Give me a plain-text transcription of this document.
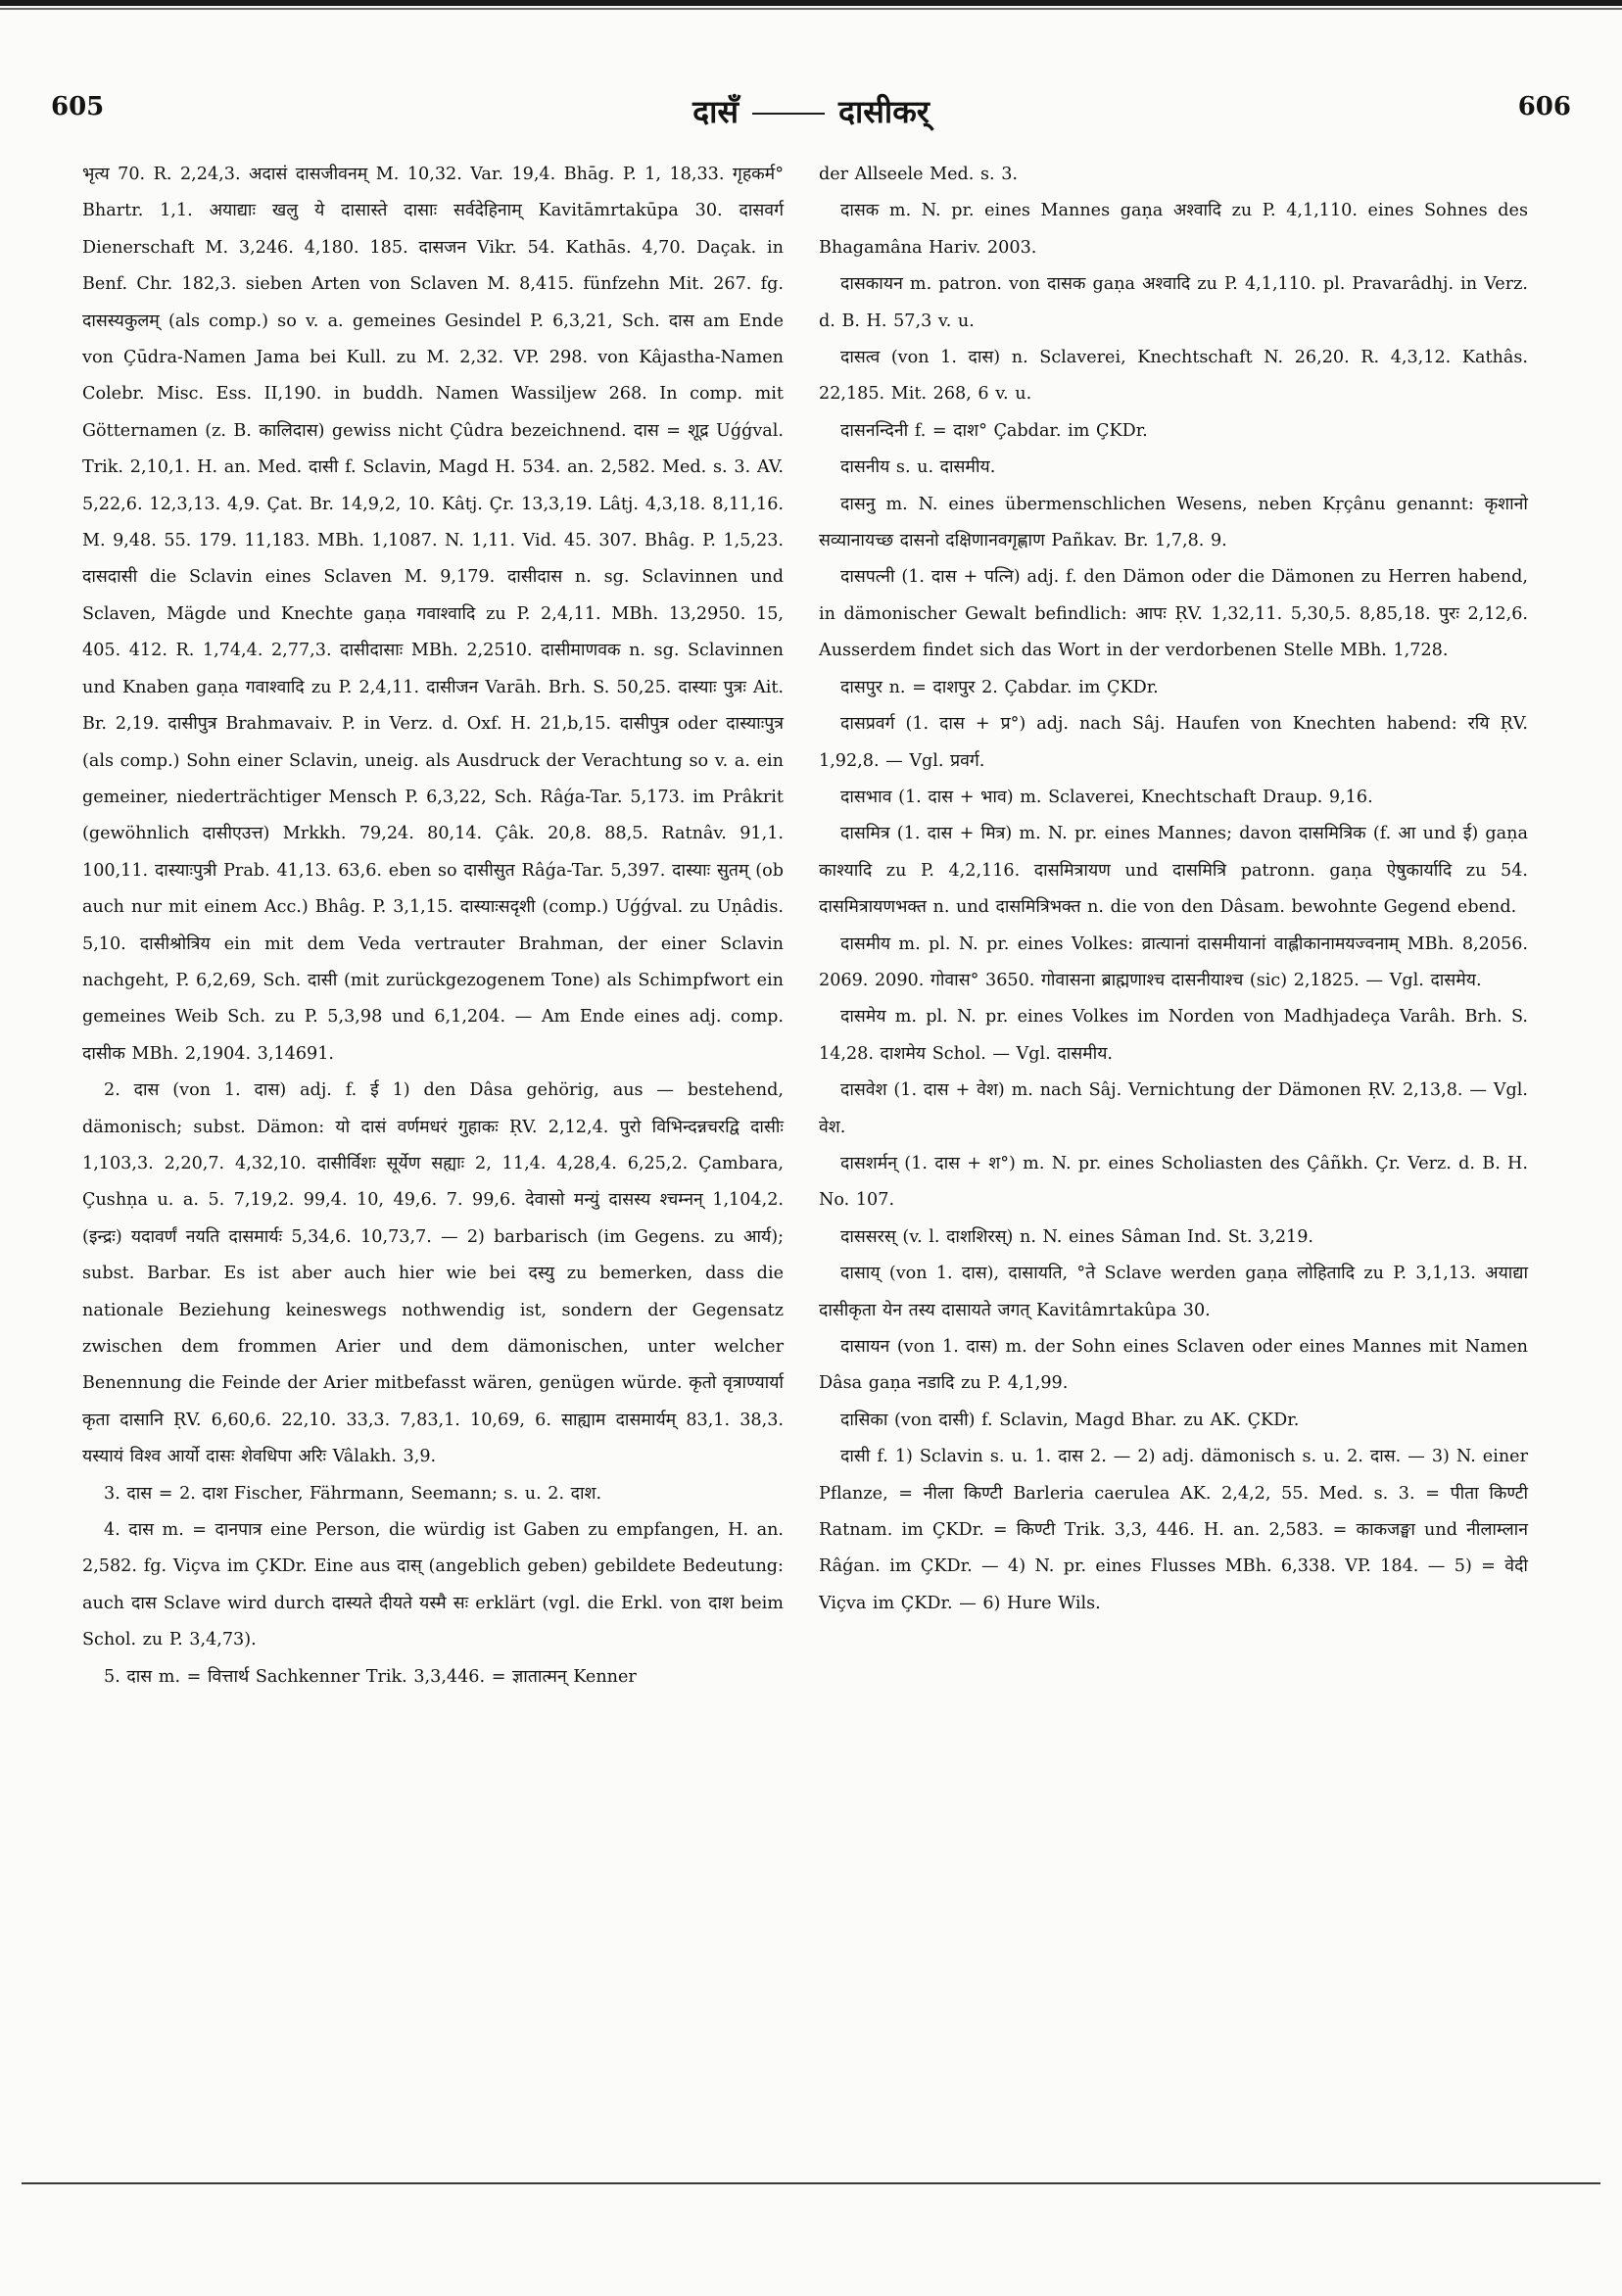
605	दासँ	दासीकर्	606

भृत्य 70. R. 2,24,3. अदासं दासजीवनम् M. 10,32. Var. 19,4. Bhāg. P. 1, 18,33. गृहकर्म° Bhartr. 1,1. अयाद्याः खलु ये दासास्ते दासाः सर्वदेहिनाम् Kavitāmrtakūpa 30. दासवर्ग Dienerschaft M. 3,246. 4,180. 185. दासजन Vikr. 54. Kathās. 4,70. Daçak. in Benf. Chr. 182,3. sieben Arten von Sclaven M. 8,415. fünfzehn Mit. 267. fg. दासस्यकुलम् (als comp.) so v. a. gemeines Gesindel P. 6,3,21, Sch. दास am Ende von Çūdra-Namen Jama bei Kull. zu M. 2,32. VP. 298. von Kâjastha-Namen Colebr. Misc. Ess. II,190. in buddh. Namen Wassiljew 268. In comp. mit Götternamen (z. B. कालिदास) gewiss nicht Çûdra bezeichnend. दास = शूद्र Uǵǵval. Trik. 2,10,1. H. an. Med. दासी f. Sclavin, Magd H. 534. an. 2,582. Med. s. 3. AV. 5,22,6. 12,3,13. 4,9. Çat. Br. 14,9,2, 10. Kâtj. Çr. 13,3,19. Lâtj. 4,3,18. 8,11,16. M. 9,48. 55. 179. 11,183. MBh. 1,1087. N. 1,11. Vid. 45. 307. Bhâg. P. 1,5,23. दासदासी die Sclavin eines Sclaven M. 9,179. दासीदास n. sg. Sclavinnen und Sclaven, Mägde und Knechte gaṇa गवाश्वादि zu P. 2,4,11. MBh. 13,2950. 15, 405. 412. R. 1,74,4. 2,77,3. दासीदासाः MBh. 2,2510. दासीमाणवक n. sg. Sclavinnen und Knaben gaṇa गवाश्वादि zu P. 2,4,11. दासीजन Varāh. Brh. S. 50,25. दास्याः पुत्रः Ait. Br. 2,19. दासीपुत्र Brahmavaiv. P. in Verz. d. Oxf. H. 21,b,15. दासीपुत्र oder दास्याःपुत्र (als comp.) Sohn einer Sclavin, uneig. als Ausdruck der Verachtung so v. a. ein gemeiner, niederträchtiger Mensch P. 6,3,22, Sch. Râǵa-Tar. 5,173. im Prâkrit (gewöhnlich दासीएउत्त) Mrkkh. 79,24. 80,14. Çâk. 20,8. 88,5. Ratnâv. 91,1. 100,11. दास्याःपुत्री Prab. 41,13. 63,6. eben so दासीसुत Râǵa-Tar. 5,397. दास्याः सुतम् (ob auch nur mit einem Acc.) Bhâg. P. 3,1,15. दास्याःसदृशी (comp.) Uǵǵval. zu Uṇâdis. 5,10. दासीश्रोत्रिय ein mit dem Veda vertrauter Brahman, der einer Sclavin nachgeht, P. 6,2,69, Sch. दासी (mit zurückgezogenem Tone) als Schimpfwort ein gemeines Weib Sch. zu P. 5,3,98 und 6,1,204. — Am Ende eines adj. comp. दासीक MBh. 2,1904. 3,14691.

2. दास (von 1. दास) adj. f. ई 1) den Dâsa gehörig, aus — bestehend, dämonisch; subst. Dämon: यो दासं वर्णमधरं गुहाकः ṚV. 2,12,4. पुरो विभिन्दन्नचरद्वि दासीः 1,103,3. 2,20,7. 4,32,10. दासीर्विशः सूर्येण सह्याः 2, 11,4. 4,28,4. 6,25,2. Çambara, Çushṇa u. a. 5. 7,19,2. 99,4. 10, 49,6. 7. 99,6. देवासो मन्युं दासस्य श्चम्नन् 1,104,2. (इन्द्रः) यदावर्णं नयति दासमार्यः 5,34,6. 10,73,7. — 2) barbarisch (im Gegens. zu आर्य); subst. Barbar. Es ist aber auch hier wie bei दस्यु zu bemerken, dass die nationale Beziehung keineswegs nothwendig ist, sondern der Gegensatz zwischen dem frommen Arier und dem dämonischen, unter welcher Benennung die Feinde der Arier mitbefasst wären, genügen würde. कृतो वृत्राण्यार्या कृता दासानि ṚV. 6,60,6. 22,10. 33,3. 7,83,1. 10,69, 6. साह्याम दासमार्यम् 83,1. 38,3. यस्यायं विश्व आर्यो दासः शेवधिपा अरिः Vâlakh. 3,9.

3. दास = 2. दाश Fischer, Fährmann, Seemann; s. u. 2. दाश.

4. दास m. = दानपात्र eine Person, die würdig ist Gaben zu empfangen, H. an. 2,582. fg. Viçva im ÇKDr. Eine aus दास् (angeblich geben) gebildete Bedeutung: auch दास Sclave wird durch दास्यते दीयते यस्मै सः erklärt (vgl. die Erkl. von दाश beim Schol. zu P. 3,4,73).

5. दास m. = वित्तार्थ Sachkenner Trik. 3,3,446. = ज्ञातात्मन् Kenner

der Allseele Med. s. 3.

दासक m. N. pr. eines Mannes gaṇa अश्वादि zu P. 4,1,110. eines Sohnes des Bhagamâna Hariv. 2003.

दासकायन m. patron. von दासक gaṇa अश्वादि zu P. 4,1,110. pl. Pravarâdhj. in Verz. d. B. H. 57,3 v. u.

दासत्व (von 1. दास) n. Sclaverei, Knechtschaft N. 26,20. R. 4,3,12. Kathâs. 22,185. Mit. 268, 6 v. u.

दासनन्दिनी f. = दाश° Çabdar. im ÇKDr.

दासनीय s. u. दासमीय.

दासनु m. N. eines übermenschlichen Wesens, neben Kṛçânu genannt: कृशानो सव्यानायच्छ दासनो दक्षिणानवगृह्णाण Pañkav. Br. 1,7,8. 9.

दासपत्नी (1. दास + पत्नि) adj. f. den Dämon oder die Dämonen zu Herren habend, in dämonischer Gewalt befindlich: आपः ṚV. 1,32,11. 5,30,5. 8,85,18. पुरः 2,12,6. Ausserdem findet sich das Wort in der verdorbenen Stelle MBh. 1,728.

दासपुर n. = दाशपुर 2. Çabdar. im ÇKDr.

दासप्रवर्ग (1. दास + प्र°) adj. nach Sâj. Haufen von Knechten habend: रयि ṚV. 1,92,8. — Vgl. प्रवर्ग.

दासभाव (1. दास + भाव) m. Sclaverei, Knechtschaft Draup. 9,16.

दासमित्र (1. दास + मित्र) m. N. pr. eines Mannes; davon दासमित्रिक (f. आ und ई) gaṇa काश्यादि zu P. 4,2,116. दासमित्रायण und दासमित्रि patronn. gaṇa ऐषुकार्यादि zu 54. दासमित्रायणभक्त n. und दासमित्रिभक्त n. die von den Dâsam. bewohnte Gegend ebend.

दासमीय m. pl. N. pr. eines Volkes: व्रात्यानां दासमीयानां वाह्लीकानामयज्वनाम् MBh. 8,2056. 2069. 2090. गोवास° 3650. गोवासना ब्राह्मणाश्च दासनीयाश्च (sic) 2,1825. — Vgl. दासमेय.

दासमेय m. pl. N. pr. eines Volkes im Norden von Madhjadeça Varâh. Brh. S. 14,28. दाशमेय Schol. — Vgl. दासमीय.

दासवेश (1. दास + वेश) m. nach Sâj. Vernichtung der Dämonen ṚV. 2,13,8. — Vgl. वेश.

दासशर्मन् (1. दास + श°) m. N. pr. eines Scholiasten des Çâñkh. Çr. Verz. d. B. H. No. 107.

दाससरस् (v. l. दाशशिरस्) n. N. eines Sâman Ind. St. 3,219.

दासाय् (von 1. दास), दासायति, °ते Sclave werden gaṇa लोहितादि zu P. 3,1,13. अयाद्या दासीकृता येन तस्य दासायते जगत् Kavitâmrtakûpa 30.

दासायन (von 1. दास) m. der Sohn eines Sclaven oder eines Mannes mit Namen Dâsa gaṇa नडादि zu P. 4,1,99.

दासिका (von दासी) f. Sclavin, Magd Bhar. zu AK. ÇKDr.

दासी f. 1) Sclavin s. u. 1. दास 2. — 2) adj. dämonisch s. u. 2. दास. — 3) N. einer Pflanze, = नीला किण्टी Barleria caerulea AK. 2,4,2, 55. Med. s. 3. = पीता किण्टी Ratnam. im ÇKDr. = किण्टी Trik. 3,3, 446. H. an. 2,583. = काकजङ्घा und नीलाम्लान Râǵan. im ÇKDr. — 4) N. pr. eines Flusses MBh. 6,338. VP. 184. — 5) = वेदी Viçva im ÇKDr. — 6) Hure Wils.
